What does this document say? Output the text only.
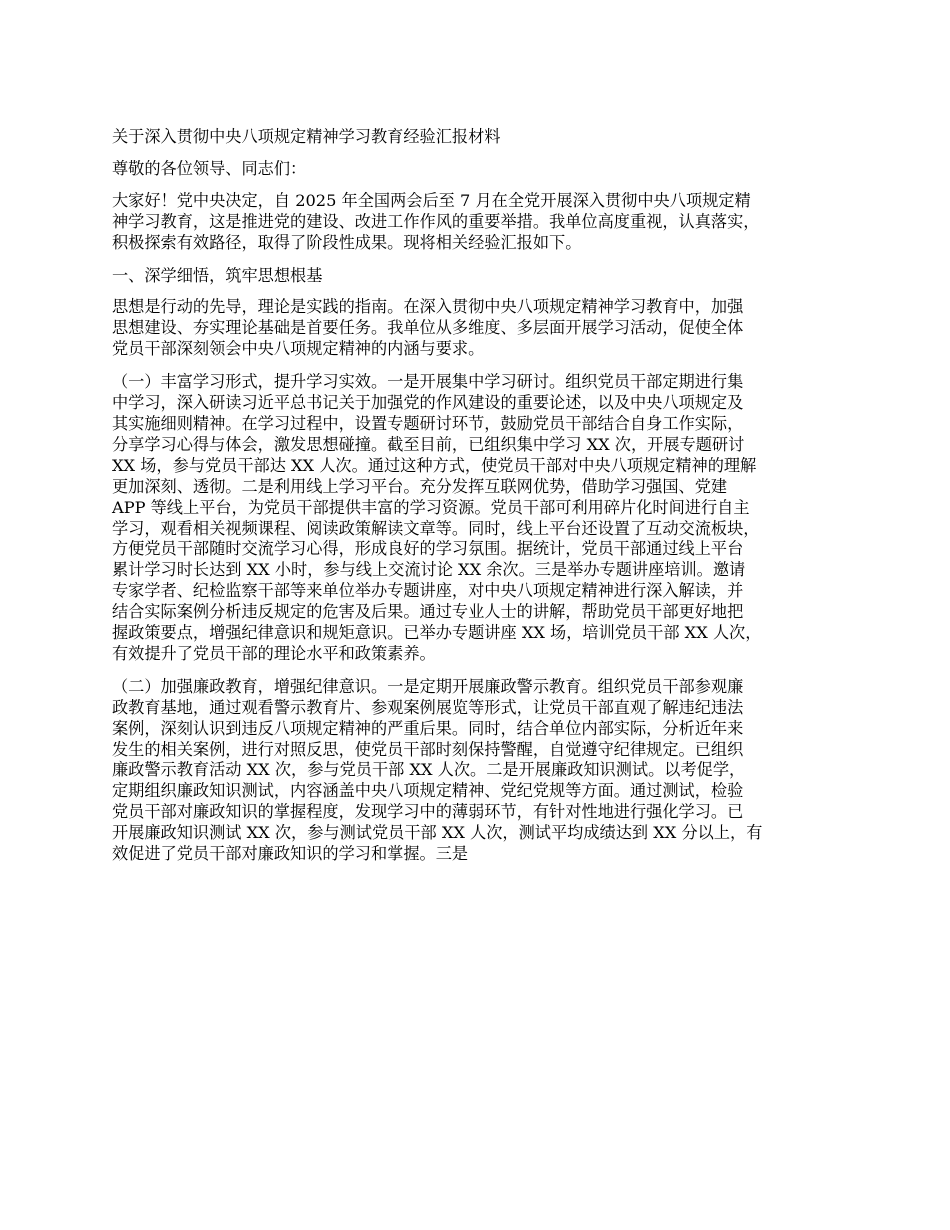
关于深入贯彻中央八项规定精神学习教育经验汇报材料

尊敬的各位领导、同志们：

大家好！党中央决定，自 2025 年全国两会后至 7 月在全党开展深入贯彻中央八项规定精
神学习教育，这是推进党的建设、改进工作作风的重要举措。我单位高度重视，认真落实，
积极探索有效路径，取得了阶段性成果。现将相关经验汇报如下。

一、深学细悟，筑牢思想根基

思想是行动的先导，理论是实践的指南。在深入贯彻中央八项规定精神学习教育中，加强
思想建设、夯实理论基础是首要任务。我单位从多维度、多层面开展学习活动，促使全体
党员干部深刻领会中央八项规定精神的内涵与要求。

（一）丰富学习形式，提升学习实效。一是开展集中学习研讨。组织党员干部定期进行集
中学习，深入研读习近平总书记关于加强党的作风建设的重要论述，以及中央八项规定及
其实施细则精神。在学习过程中，设置专题研讨环节，鼓励党员干部结合自身工作实际，
分享学习心得与体会，激发思想碰撞。截至目前，已组织集中学习 XX 次，开展专题研讨
XX 场，参与党员干部达 XX 人次。通过这种方式，使党员干部对中央八项规定精神的理解
更加深刻、透彻。二是利用线上学习平台。充分发挥互联网优势，借助学习强国、党建
APP 等线上平台，为党员干部提供丰富的学习资源。党员干部可利用碎片化时间进行自主
学习，观看相关视频课程、阅读政策解读文章等。同时，线上平台还设置了互动交流板块，
方便党员干部随时交流学习心得，形成良好的学习氛围。据统计，党员干部通过线上平台
累计学习时长达到 XX 小时，参与线上交流讨论 XX 余次。三是举办专题讲座培训。邀请
专家学者、纪检监察干部等来单位举办专题讲座，对中央八项规定精神进行深入解读，并
结合实际案例分析违反规定的危害及后果。通过专业人士的讲解，帮助党员干部更好地把
握政策要点，增强纪律意识和规矩意识。已举办专题讲座 XX 场，培训党员干部 XX 人次，
有效提升了党员干部的理论水平和政策素养。

（二）加强廉政教育，增强纪律意识。一是定期开展廉政警示教育。组织党员干部参观廉
政教育基地，通过观看警示教育片、参观案例展览等形式，让党员干部直观了解违纪违法
案例，深刻认识到违反八项规定精神的严重后果。同时，结合单位内部实际，分析近年来
发生的相关案例，进行对照反思，使党员干部时刻保持警醒，自觉遵守纪律规定。已组织
廉政警示教育活动 XX 次，参与党员干部 XX 人次。二是开展廉政知识测试。以考促学，
定期组织廉政知识测试，内容涵盖中央八项规定精神、党纪党规等方面。通过测试，检验
党员干部对廉政知识的掌握程度，发现学习中的薄弱环节，有针对性地进行强化学习。已
开展廉政知识测试 XX 次，参与测试党员干部 XX 人次，测试平均成绩达到 XX 分以上，有
效促进了党员干部对廉政知识的学习和掌握。三是
